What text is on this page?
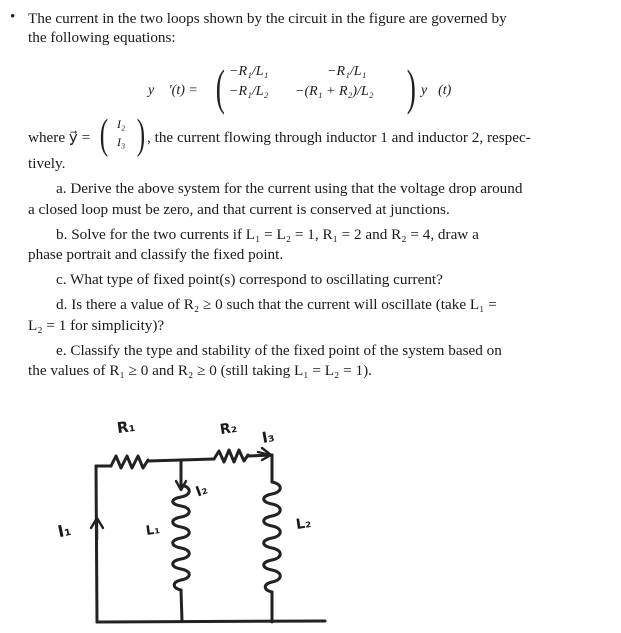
• The current in the two loops shown by the circuit in the figure are governed by
the following equations:
y⃗ ′(t) = ( −R₁/L₁	−R₁/L₁
−R₁/L₂ −(R₁ + R₂)/L₂ ) y⃗(t)
where y⃗ = ( I₂
I₃ ) , the current flowing through inductor 1 and inductor 2, respec-
tively.
a. Derive the above system for the current using that the voltage drop around
a closed loop must be zero, and that current is conserved at junctions.
b. Solve for the two currents if L₁ = L₂ = 1, R₁ = 2 and R₂ = 4, draw a
phase portrait and classify the fixed point.
c. What type of fixed point(s) correspond to oscillating current?
d. Is there a value of R₂ ≥ 0 such that the current will oscillate (take L₁ =
L₂ = 1 for simplicity)?
e. Classify the type and stability of the fixed point of the system based on
the values of R₁ ≥ 0 and R₂ ≥ 0 (still taking L₁ = L₂ = 1).
R₁	R₂ I₃
I₂
I₁	L₁	L₂
